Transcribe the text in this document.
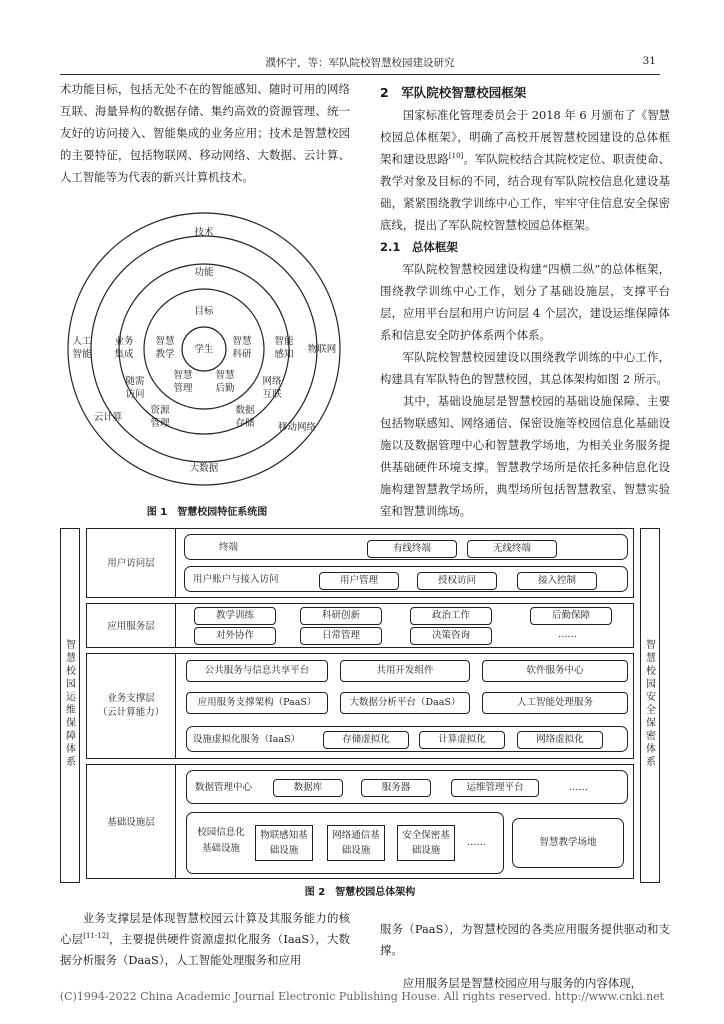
濮怀宇，等：军队院校智慧校园建设研究	31

术功能目标，包括无处不在的智能感知、随时可用的网络互联、海量异构的数据存储、集约高效的资源管理、统一友好的访问接入、智能集成的业务应用；技术是智慧校园的主要特征，包括物联网、移动网络、大数据、云计算、人工智能等为代表的新兴计算机技术。

技术
功能
目标
学生
大数据
人工
智能	物联网
云计算
移动网络
业务
集成
智能
感知
随需
访问
网络
互联
资源
管理
数据
存储
智慧
教学
智慧
科研
智慧
管理
智慧
后勤
图 1　智慧校园特征系统图

2　军队院校智慧校园框架

国家标准化管理委员会于 2018 年 6 月颁布了《智慧校园总体框架》，明确了高校开展智慧校园建设的总体框架和建设思路[10]。军队院校结合其院校定位、职责使命、教学对象及目标的不同，结合现有军队院校信息化建设基础，紧紧围绕教学训练中心工作，牢牢守住信息安全保密底线，提出了军队院校智慧校园总体框架。

2.1　总体框架

军队院校智慧校园建设构建“四横二纵”的总体框架，围绕教学训练中心工作，划分了基础设施层，支撑平台层，应用平台层和用户访问层 4 个层次，建设运维保障体系和信息安全防护体系两个体系。

军队院校智慧校园建设以围绕教学训练的中心工作，构建具有军队特色的智慧校园，其总体架构如图 2 所示。

其中，基础设施层是智慧校园的基础设施保障、主要包括物联感知、网络通信、保密设施等校园信息化基础设施以及数据管理中心和智慧教学场地，为相关业务服务提供基础硬件环境支撑。智慧教学场所是依托多种信息化设施构建智慧教学场所，典型场所包括智慧教室、智慧实验室和智慧训练场。

智慧校园运维保障体系
智慧校园安全保密体系
用户访问层
终端	有线终端	无线终端
用户账户与接入访问	用户管理	授权访问	接入控制
应用服务层
教学训练	科研创新	政治工作	后勤保障
对外协作	日常管理	决策咨询	……
业务支撑层
（云计算能力）
公共服务与信息共享平台	共用开发组件	软件服务中心
应用服务支撑架构（PaaS）	大数据分析平台（DaaS）	人工智能处理服务
设施虚拟化服务（IaaS）	存储虚拟化	计算虚拟化	网络虚拟化
基础设施层
数据管理中心	数据库	服务器	运维管理平台	……
校园信息化基础设施
物联感知基础设施
网络通信基础设施
安全保密基础设施
……	智慧教学场地
图 2　智慧校园总体架构
业务支撑层是体现智慧校园云计算及其服务能力的核心层[11-12]，主要提供硬件资源虚拟化服务（IaaS），大数据分析服务（DaaS），人工智能处理服务和应用

服务（PaaS），为智慧校园的各类应用服务提供驱动和支撑。

应用服务层是智慧校园应用与服务的内容体现，

(C)1994-2022 China Academic Journal Electronic Publishing House. All rights reserved. http://www.cnki.net
